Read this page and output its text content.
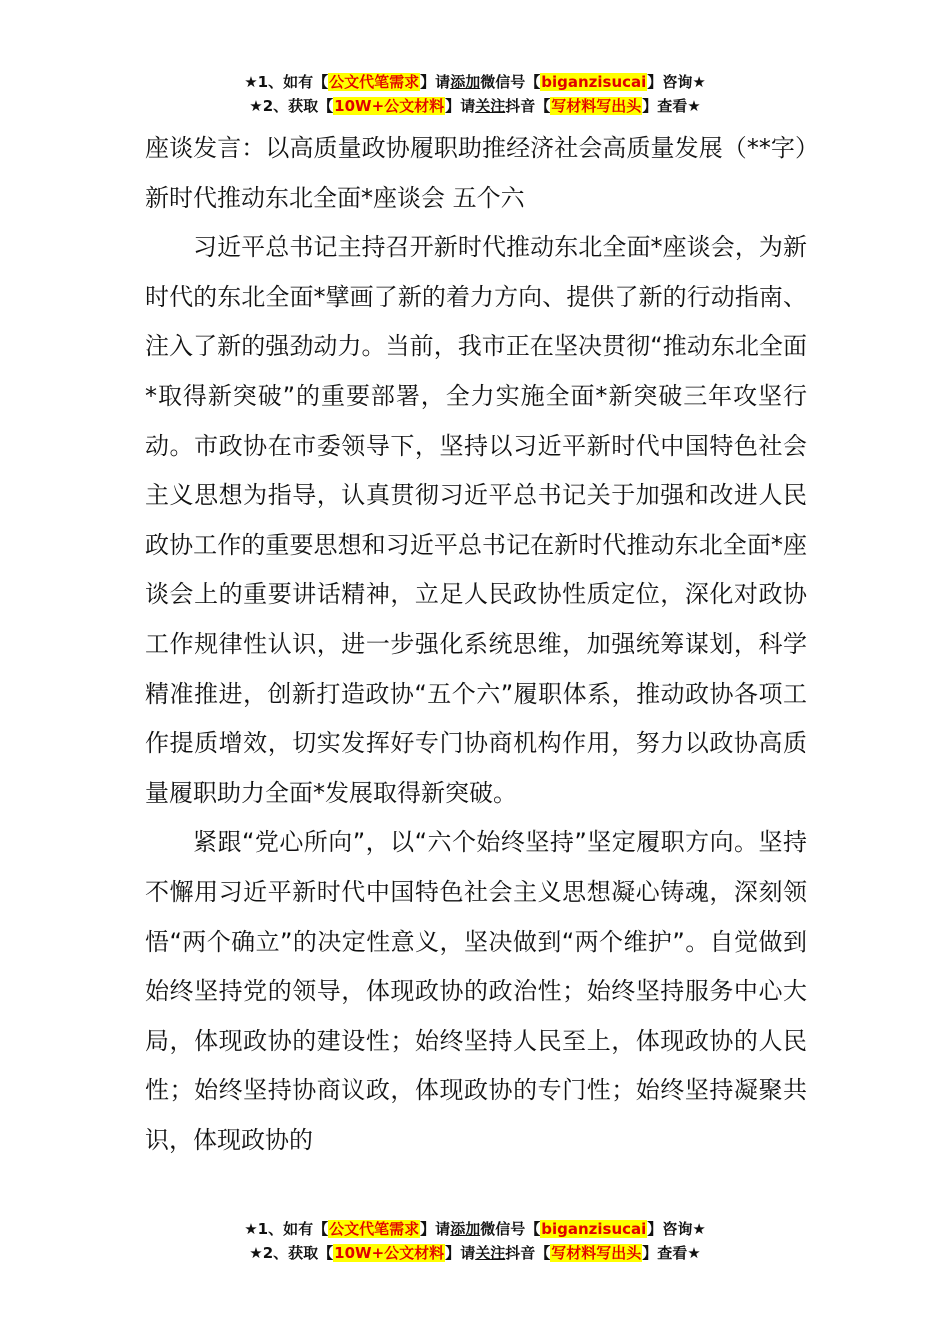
★1、如有【公文代笔需求】请添加微信号【biganzisucai】咨询★
★2、获取【10W+公文材料】请关注抖音【写材料写出头】查看★

座谈发言：以高质量政协履职助推经济社会高质量发展（**字）新时代推动东北全面*座谈会 五个六

习近平总书记主持召开新时代推动东北全面*座谈会，为新时代的东北全面*擘画了新的着力方向、提供了新的行动指南、注入了新的强劲动力。当前，我市正在坚决贯彻“推动东北全面*取得新突破”的重要部署，全力实施全面*新突破三年攻坚行动。市政协在市委领导下，坚持以习近平新时代中国特色社会主义思想为指导，认真贯彻习近平总书记关于加强和改进人民政协工作的重要思想和习近平总书记在新时代推动东北全面*座谈会上的重要讲话精神，立足人民政协性质定位，深化对政协工作规律性认识，进一步强化系统思维，加强统筹谋划，科学精准推进，创新打造政协“五个六”履职体系，推动政协各项工作提质增效，切实发挥好专门协商机构作用，努力以政协高质量履职助力全面*发展取得新突破。

紧跟“党心所向”，以“六个始终坚持”坚定履职方向。坚持不懈用习近平新时代中国特色社会主义思想凝心铸魂，深刻领悟“两个确立”的决定性意义，坚决做到“两个维护”。自觉做到始终坚持党的领导，体现政协的政治性；始终坚持服务中心大局，体现政协的建设性；始终坚持人民至上，体现政协的人民性；始终坚持协商议政，体现政协的专门性；始终坚持凝聚共识，体现政协的

★1、如有【公文代笔需求】请添加微信号【biganzisucai】咨询★
★2、获取【10W+公文材料】请关注抖音【写材料写出头】查看★
